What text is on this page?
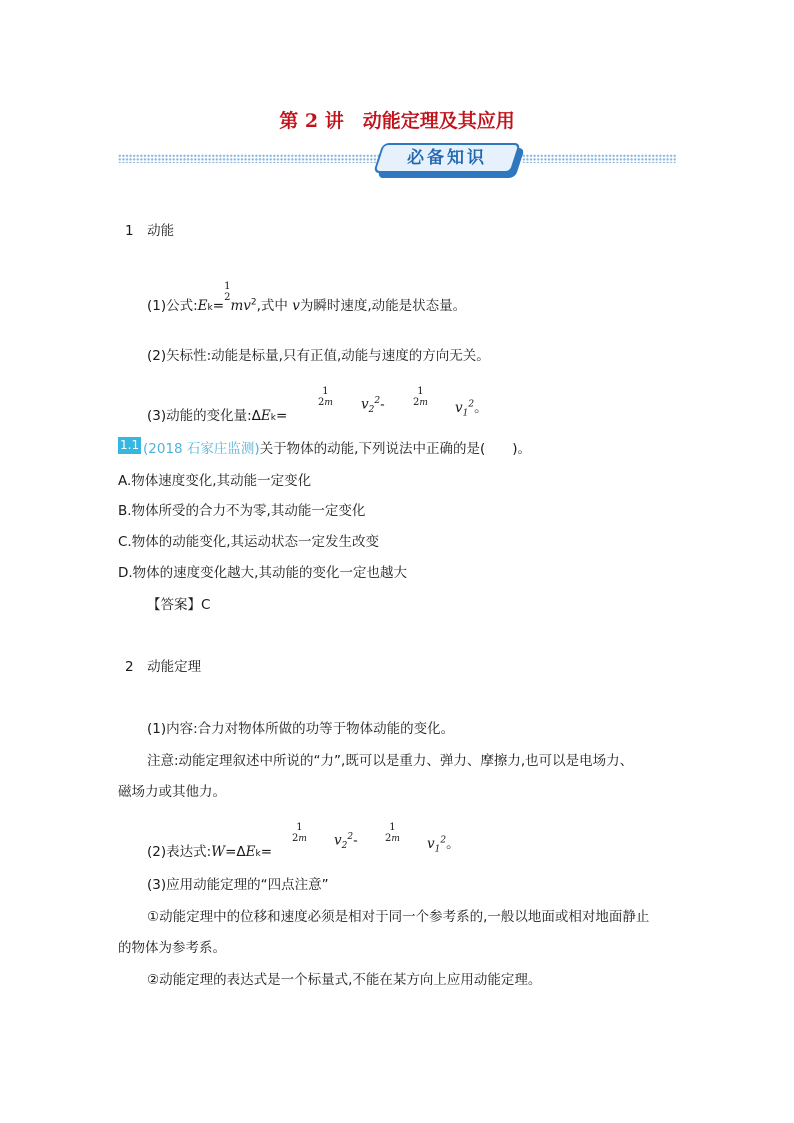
第 2 讲　动能定理及其应用
必备知识
1　动能
(1)公式:Ek=1
$2mv^2$,式中 v为瞬时速度,动能是状态量。
(2)矢标性:动能是标量,只有正值,动能与速度的方向无关。
(3)动能的变化量:ΔEk=
1
2m $v_2^2-$
1
2m $v_1^2$。
1.1 (2018 石家庄监测)关于物体的动能,下列说法中正确的是(　　)。
A.物体速度变化,其动能一定变化
B.物体所受的合力不为零,其动能一定变化
C.物体的动能变化,其运动状态一定发生改变
D.物体的速度变化越大,其动能的变化一定也越大
【答案】C
2　动能定理
(1)内容:合力对物体所做的功等于物体动能的变化。
注意:动能定理叙述中所说的“力”,既可以是重力、弹力、摩擦力,也可以是电场力、
磁场力或其他力。
(2)表达式:W=ΔEk=
1
2m $v_2^2-$
1
2m $v_1^2$。
(3)应用动能定理的“四点注意”
①动能定理中的位移和速度必须是相对于同一个参考系的,一般以地面或相对地面静止
的物体为参考系。
②动能定理的表达式是一个标量式,不能在某方向上应用动能定理。
